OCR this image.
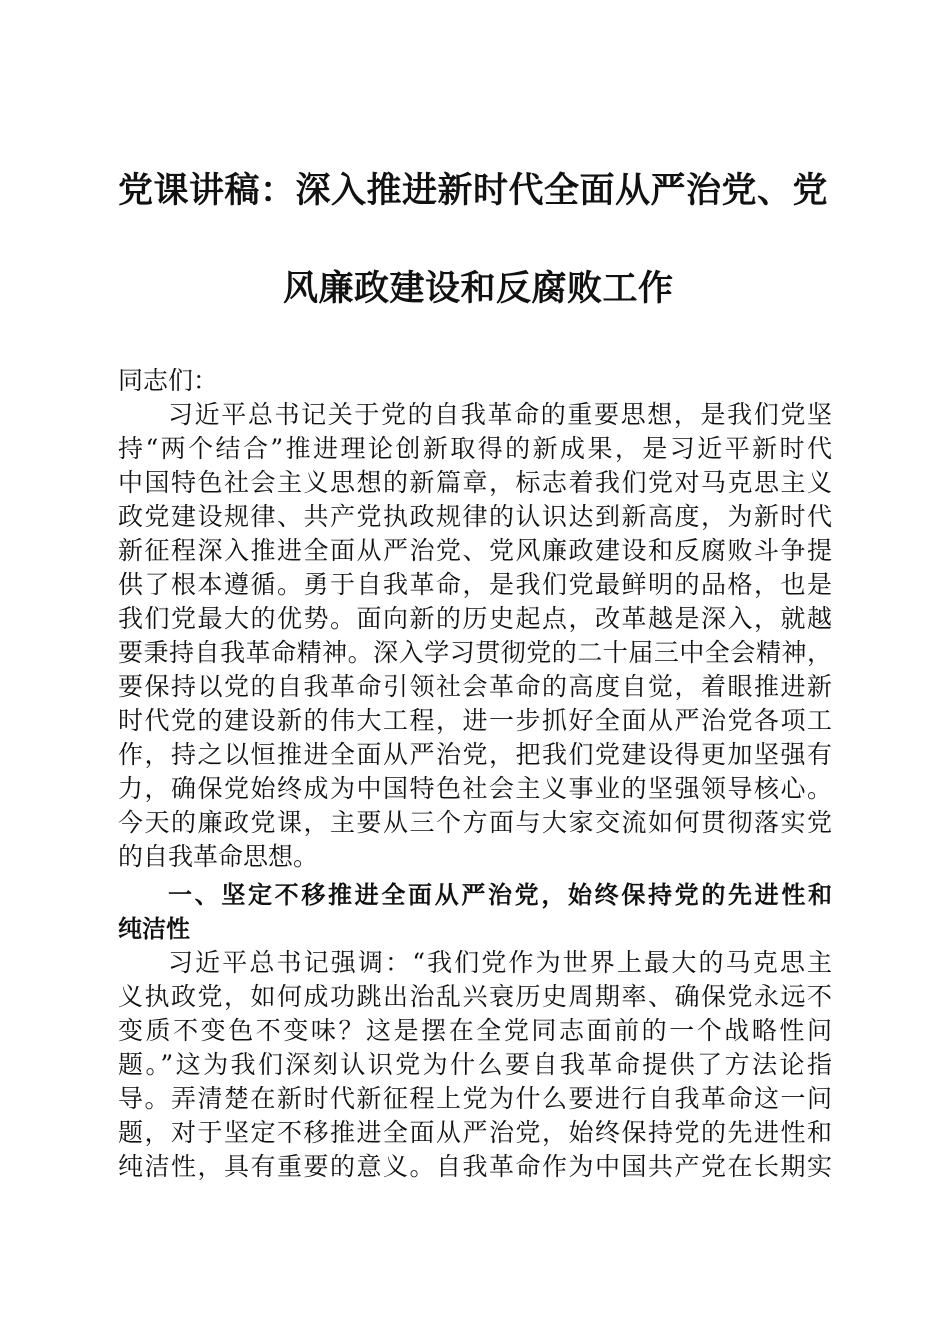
党课讲稿：深入推进新时代全面从严治党、党
风廉政建设和反腐败工作
同志们：
习近平总书记关于党的自我革命的重要思想，是我们党坚
持“两个结合”推进理论创新取得的新成果，是习近平新时代
中国特色社会主义思想的新篇章，标志着我们党对马克思主义
政党建设规律、共产党执政规律的认识达到新高度，为新时代
新征程深入推进全面从严治党、党风廉政建设和反腐败斗争提
供了根本遵循。勇于自我革命，是我们党最鲜明的品格，也是
我们党最大的优势。面向新的历史起点，改革越是深入，就越
要秉持自我革命精神。深入学习贯彻党的二十届三中全会精神，
要保持以党的自我革命引领社会革命的高度自觉，着眼推进新
时代党的建设新的伟大工程，进一步抓好全面从严治党各项工
作，持之以恒推进全面从严治党，把我们党建设得更加坚强有
力，确保党始终成为中国特色社会主义事业的坚强领导核心。
今天的廉政党课，主要从三个方面与大家交流如何贯彻落实党
的自我革命思想。
一、坚定不移推进全面从严治党，始终保持党的先进性和
纯洁性
习近平总书记强调：“我们党作为世界上最大的马克思主
义执政党，如何成功跳出治乱兴衰历史周期率、确保党永远不
变质不变色不变味？这是摆在全党同志面前的一个战略性问
题。”这为我们深刻认识党为什么要自我革命提供了方法论指
导。弄清楚在新时代新征程上党为什么要进行自我革命这一问
题，对于坚定不移推进全面从严治党，始终保持党的先进性和
纯洁性，具有重要的意义。自我革命作为中国共产党在长期实
